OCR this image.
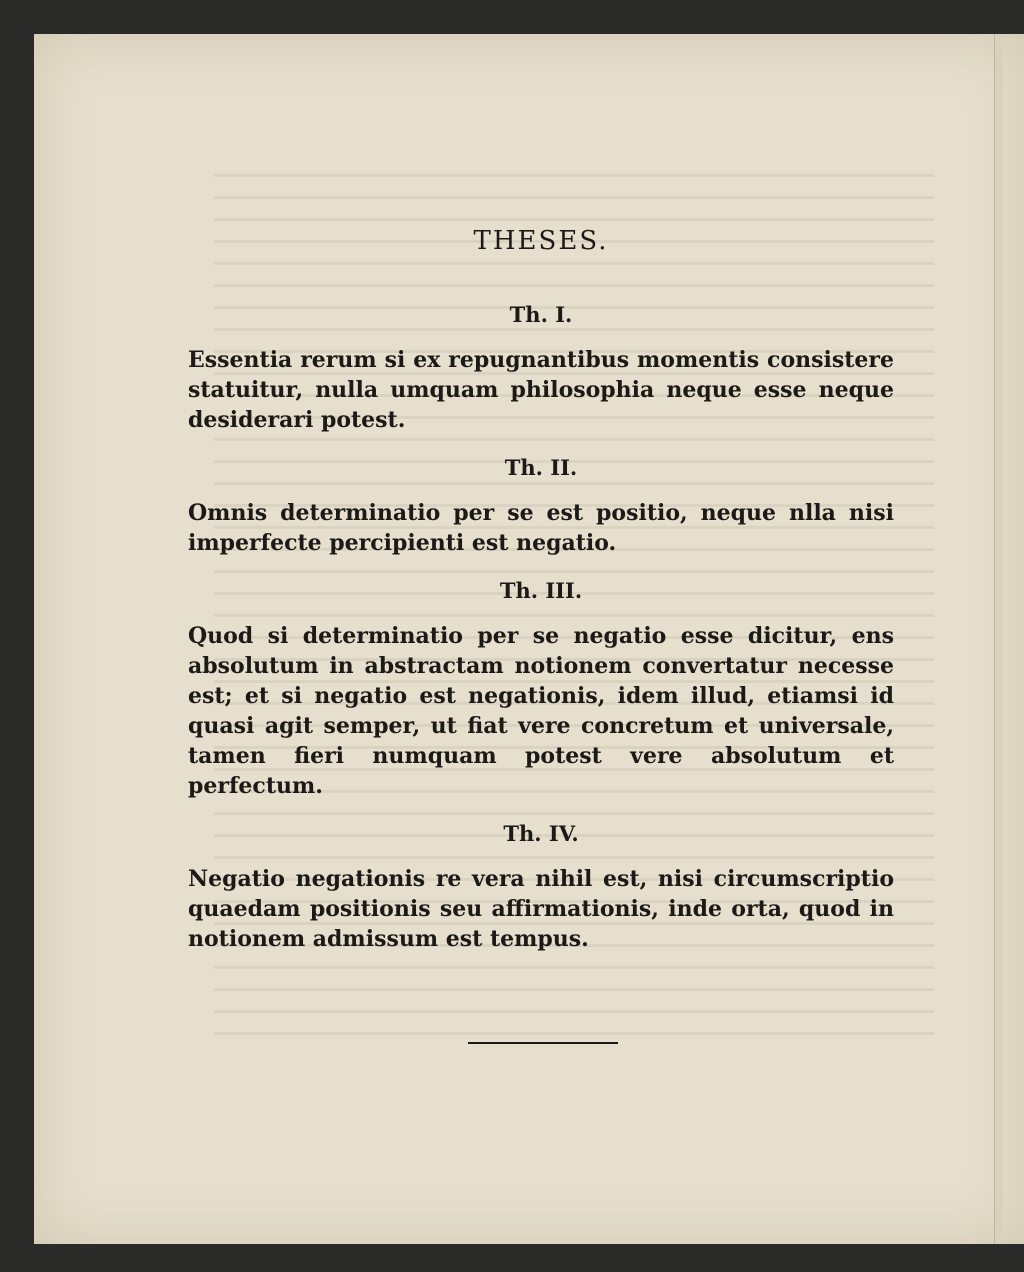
THESES.
Th. I.

Essentia rerum si ex repugnantibus momentis consistere statuitur, nulla umquam philosophia neque esse neque desiderari potest.

Th. II.

Omnis determinatio per se est positio, neque nlla nisi imperfecte percipienti est negatio.

Th. III.

Quod si determinatio per se negatio esse dicitur, ens absolutum in abstractam notionem convertatur necesse est; et si negatio est negationis, idem illud, etiamsi id quasi agit semper, ut fiat vere concretum et universale, tamen fieri numquam potest vere absolutum et perfectum.

Th. IV.

Negatio negationis re vera nihil est, nisi circumscriptio quaedam positionis seu affirmationis, inde orta, quod in notionem admissum est tempus.
